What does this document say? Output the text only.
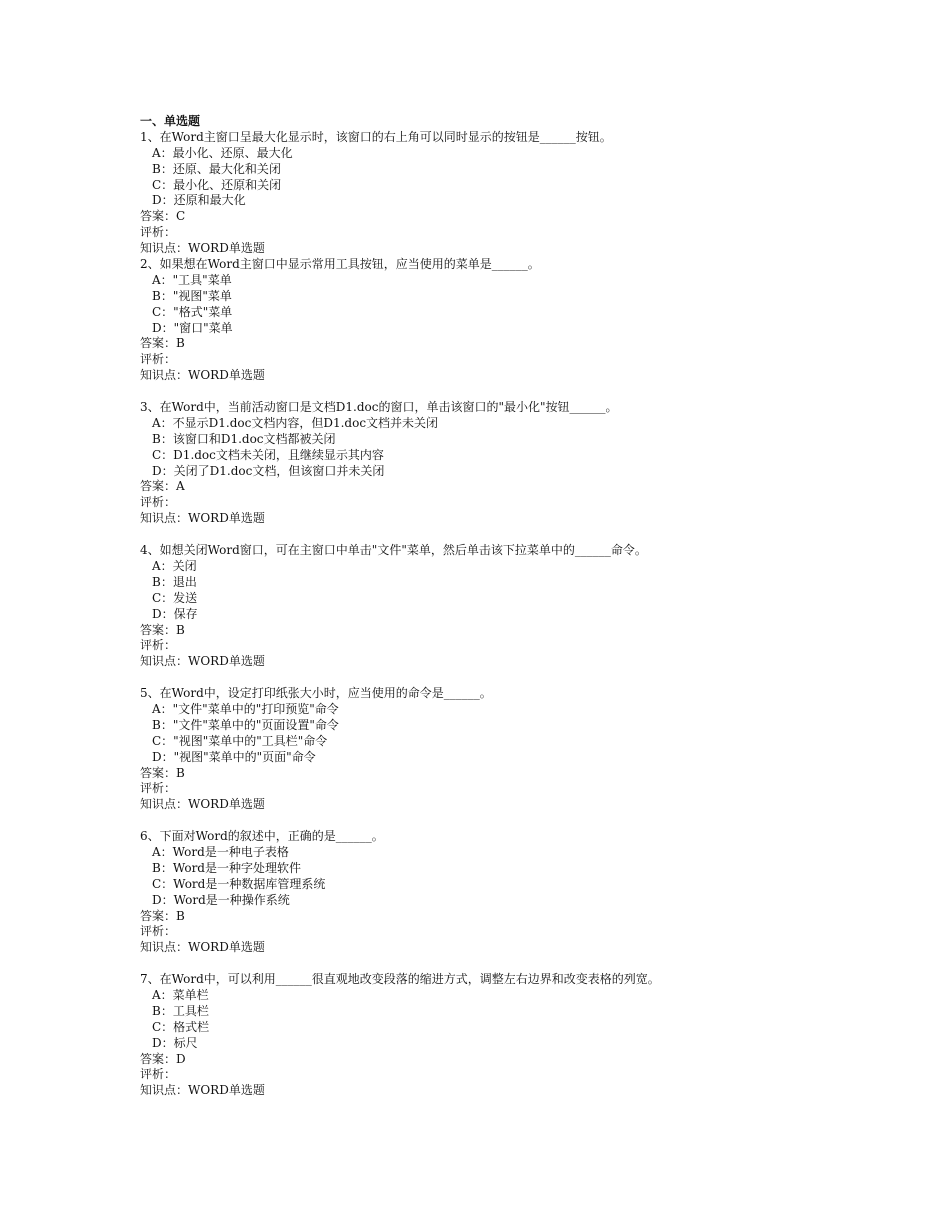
一、单选题
1、在Word主窗口呈最大化显示时，该窗口的右上角可以同时显示的按钮是______按钮。
A：最小化、还原、最大化
B：还原、最大化和关闭
C：最小化、还原和关闭
D：还原和最大化
答案：C
评析：
知识点：WORD单选题
2、如果想在Word主窗口中显示常用工具按钮，应当使用的菜单是______。
A："工具"菜单
B："视图"菜单
C："格式"菜单
D："窗口"菜单
答案：B
评析：
知识点：WORD单选题
3、在Word中，当前活动窗口是文档D1.doc的窗口，单击该窗口的"最小化"按钮______。
A：不显示D1.doc文档内容，但D1.doc文档并未关闭
B：该窗口和D1.doc文档都被关闭
C：D1.doc文档未关闭，且继续显示其内容
D：关闭了D1.doc文档，但该窗口并未关闭
答案：A
评析：
知识点：WORD单选题
4、如想关闭Word窗口，可在主窗口中单击"文件"菜单，然后单击该下拉菜单中的______命令。
A：关闭
B：退出
C：发送
D：保存
答案：B
评析：
知识点：WORD单选题
5、在Word中，设定打印纸张大小时，应当使用的命令是______。
A："文件"菜单中的"打印预览"命令
B："文件"菜单中的"页面设置"命令
C："视图"菜单中的"工具栏"命令
D："视图"菜单中的"页面"命令
答案：B
评析：
知识点：WORD单选题
6、下面对Word的叙述中，正确的是______。
A：Word是一种电子表格
B：Word是一种字处理软件
C：Word是一种数据库管理系统
D：Word是一种操作系统
答案：B
评析：
知识点：WORD单选题
7、在Word中，可以利用______很直观地改变段落的缩进方式，调整左右边界和改变表格的列宽。
A：菜单栏
B：工具栏
C：格式栏
D：标尺
答案：D
评析：
知识点：WORD单选题
